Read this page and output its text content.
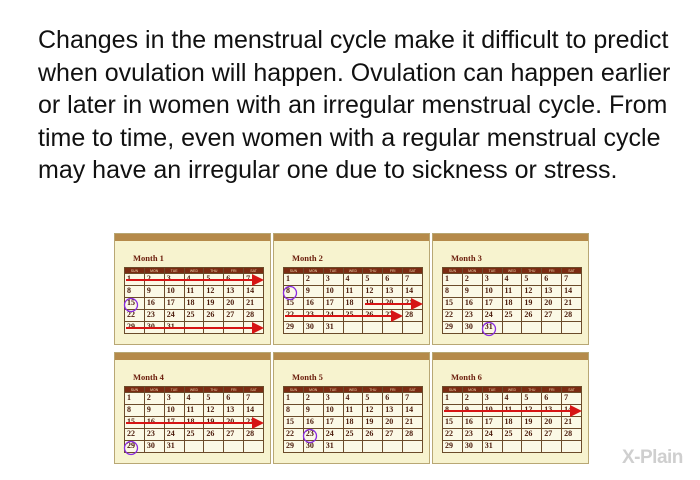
Changes in the menstrual cycle make it difficult to predict when ovulation will happen. Ovulation can happen earlier or later in women with an irregular menstrual cycle. From time to time, even women with a regular menstrual cycle may have an irregular one due to sickness or stress.

Month 1
SUN	MON	TUE	WED	THU	FRI	SAT
1	2	3	4	5	6	7
8	9	10	11	12	13	14
15	16	17	18	19	20	21
22	23	24	25	26	27	28
29	30	31				
Month 2
SUN	MON	TUE	WED	THU	FRI	SAT
1	2	3	4	5	6	7
8	9	10	11	12	13	14
15	16	17	18	19	20	21
22	23	24	25	26	27	28
29	30	31				
Month 3
SUN	MON	TUE	WED	THU	FRI	SAT
1	2	3	4	5	6	7
8	9	10	11	12	13	14
15	16	17	18	19	20	21
22	23	24	25	26	27	28
29	30	31				
Month 4
SUN	MON	TUE	WED	THU	FRI	SAT
1	2	3	4	5	6	7
8	9	10	11	12	13	14
15	16	17	18	19	20	21
22	23	24	25	26	27	28
29	30	31				
Month 5
SUN	MON	TUE	WED	THU	FRI	SAT
1	2	3	4	5	6	7
8	9	10	11	12	13	14
15	16	17	18	19	20	21
22	23	24	25	26	27	28
29	30	31				
Month 6
SUN	MON	TUE	WED	THU	FRI	SAT
1	2	3	4	5	6	7
8	9	10	11	12	13	14
15	16	17	18	19	20	21
22	23	24	25	26	27	28
29	30	31				
X-Plain
